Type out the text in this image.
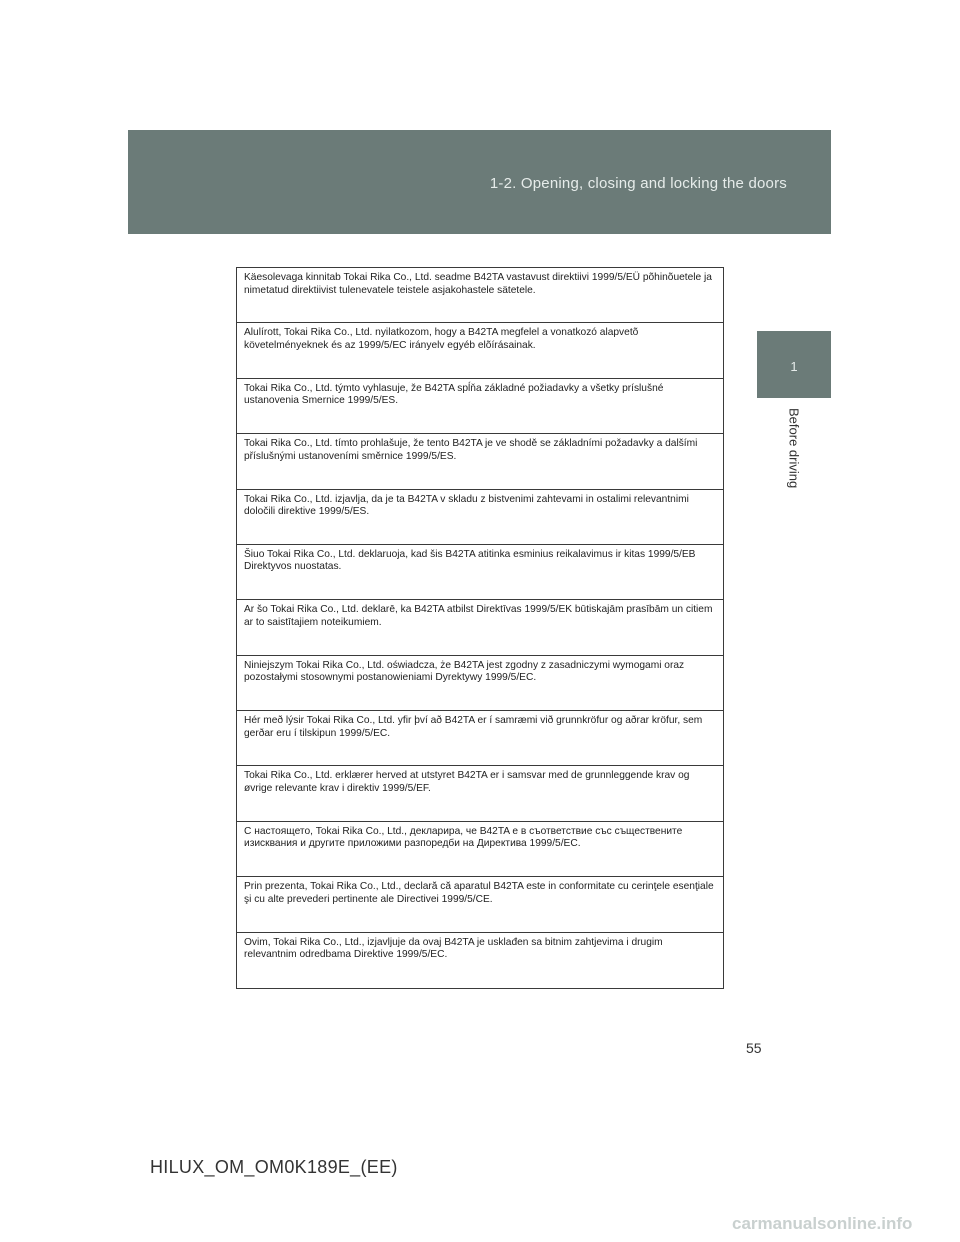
1-2. Opening, closing and locking the doors
1
Before driving

Käesolevaga kinnitab Tokai Rika Co., Ltd. seadme B42TA vastavust direktiivi 1999/5/EÜ põhinõuetele ja nimetatud direktiivist tulenevatele teistele asjakohastele sätetele.

Alulírott, Tokai Rika Co., Ltd. nyilatkozom, hogy a B42TA megfelel a vonatkozó alapvetõ követelményeknek és az 1999/5/EC irányelv egyéb elõírásainak.

Tokai Rika Co., Ltd. týmto vyhlasuje, že B42TA spĺňa základné požiadavky a všetky príslušné ustanovenia Smernice 1999/5/ES.

Tokai Rika Co., Ltd. tímto prohlašuje, že tento B42TA je ve shodě se základními požadavky a dalšími příslušnými ustanoveními směrnice 1999/5/ES.

Tokai Rika Co., Ltd. izjavlja, da je ta B42TA v skladu z bistvenimi zahtevami in ostalimi relevantnimi določili direktive 1999/5/ES.

Šiuo Tokai Rika Co., Ltd. deklaruoja, kad šis B42TA atitinka esminius reikalavimus ir kitas 1999/5/EB Direktyvos nuostatas.

Ar šo Tokai Rika Co., Ltd. deklarē, ka B42TA atbilst Direktīvas 1999/5/EK būtiskajām prasībām un citiem ar to saistītajiem noteikumiem.

Niniejszym Tokai Rika Co., Ltd. oświadcza, że B42TA jest zgodny z zasadniczymi wymogami oraz pozostałymi stosownymi postanowieniami Dyrektywy 1999/5/EC.

Hér með lýsir Tokai Rika Co., Ltd. yfir því að B42TA er í samræmi við grunnkröfur og aðrar kröfur, sem gerðar eru í tilskipun 1999/5/EC.

Tokai Rika Co., Ltd. erklærer herved at utstyret B42TA er i samsvar med de grunnleggende krav og øvrige relevante krav i direktiv 1999/5/EF.

С настоящето, Tokai Rika Co., Ltd., декларира, че B42TA е в съответствие със съществените изисквания и другите приложими разпоредби на Директива 1999/5/EC.

Prin prezenta, Tokai Rika Co., Ltd., declară că aparatul B42TA este in conformitate cu cerinţele esenţiale şi cu alte prevederi pertinente ale Directivei 1999/5/CE.

Ovim, Tokai Rika Co., Ltd., izjavljuje da ovaj B42TA je usklađen sa bitnim zahtjevima i drugim relevantnim odredbama Direktive 1999/5/EC.

55
HILUX_OM_OM0K189E_(EE)
carmanualsonline.info
